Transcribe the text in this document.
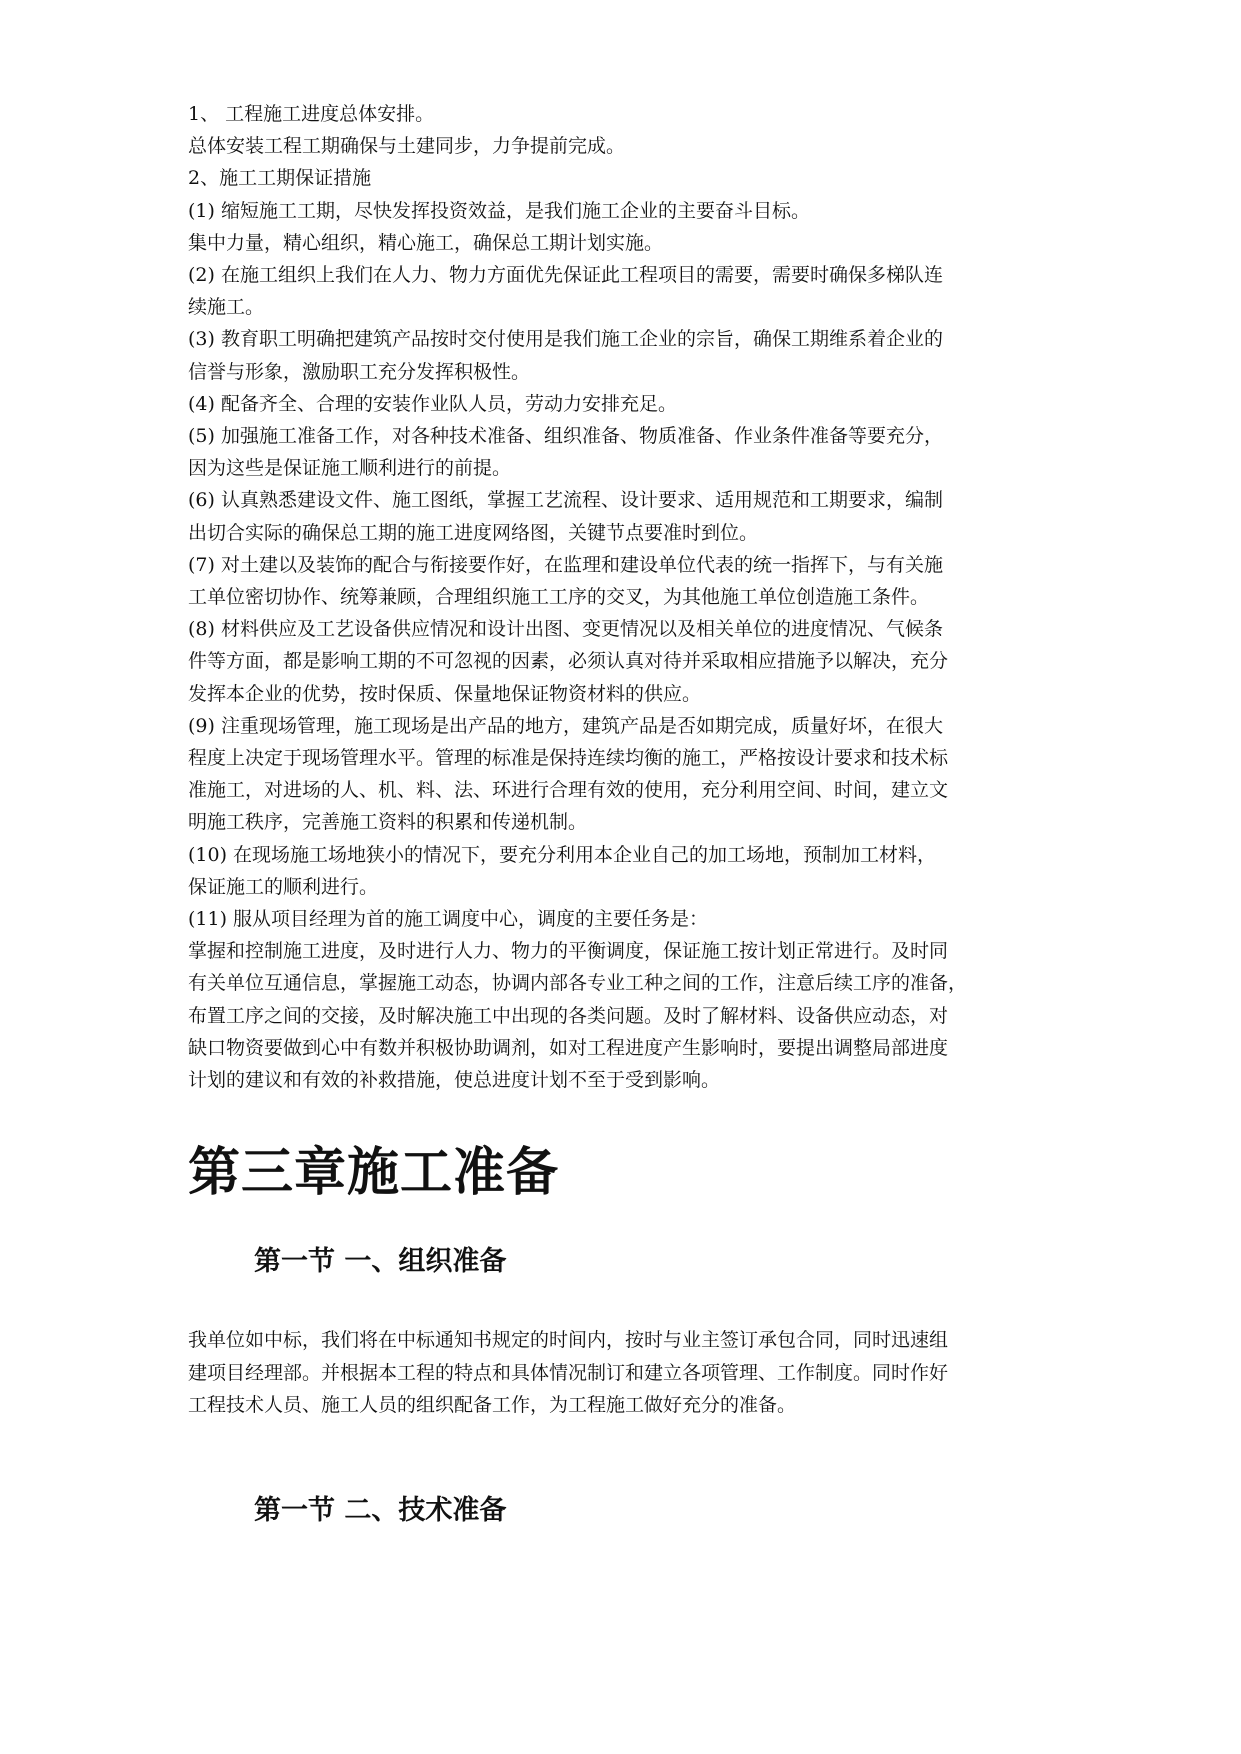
1、 工程施工进度总体安排。

总体安装工程工期确保与土建同步，力争提前完成。

2、施工工期保证措施

(1) 缩短施工工期，尽快发挥投资效益，是我们施工企业的主要奋斗目标。

集中力量，精心组织，精心施工，确保总工期计划实施。

(2) 在施工组织上我们在人力、物力方面优先保证此工程项目的需要，需要时确保多梯队连

续施工。

(3) 教育职工明确把建筑产品按时交付使用是我们施工企业的宗旨，确保工期维系着企业的

信誉与形象，激励职工充分发挥积极性。

(4) 配备齐全、合理的安装作业队人员，劳动力安排充足。

(5) 加强施工准备工作，对各种技术准备、组织准备、物质准备、作业条件准备等要充分，

因为这些是保证施工顺利进行的前提。

(6) 认真熟悉建设文件、施工图纸，掌握工艺流程、设计要求、适用规范和工期要求，编制

出切合实际的确保总工期的施工进度网络图，关键节点要准时到位。

(7) 对土建以及装饰的配合与衔接要作好，在监理和建设单位代表的统一指挥下，与有关施

工单位密切协作、统筹兼顾，合理组织施工工序的交叉，为其他施工单位创造施工条件。

(8) 材料供应及工艺设备供应情况和设计出图、变更情况以及相关单位的进度情况、气候条

件等方面，都是影响工期的不可忽视的因素，必须认真对待并采取相应措施予以解决，充分

发挥本企业的优势，按时保质、保量地保证物资材料的供应。

(9) 注重现场管理，施工现场是出产品的地方，建筑产品是否如期完成，质量好坏，在很大

程度上决定于现场管理水平。管理的标准是保持连续均衡的施工，严格按设计要求和技术标

准施工，对进场的人、机、料、法、环进行合理有效的使用，充分利用空间、时间，建立文

明施工秩序，完善施工资料的积累和传递机制。

(10) 在现场施工场地狭小的情况下，要充分利用本企业自己的加工场地，预制加工材料，

保证施工的顺利进行。

(11) 服从项目经理为首的施工调度中心，调度的主要任务是：

掌握和控制施工进度，及时进行人力、物力的平衡调度，保证施工按计划正常进行。及时同

有关单位互通信息，掌握施工动态，协调内部各专业工种之间的工作，注意后续工序的准备，

布置工序之间的交接，及时解决施工中出现的各类问题。及时了解材料、设备供应动态，对

缺口物资要做到心中有数并积极协助调剂，如对工程进度产生影响时，要提出调整局部进度

计划的建议和有效的补救措施，使总进度计划不至于受到影响。

第三章施工准备
第一节 一、组织准备

我单位如中标，我们将在中标通知书规定的时间内，按时与业主签订承包合同，同时迅速组

建项目经理部。并根据本工程的特点和具体情况制订和建立各项管理、工作制度。同时作好

工程技术人员、施工人员的组织配备工作，为工程施工做好充分的准备。

第一节 二、技术准备
